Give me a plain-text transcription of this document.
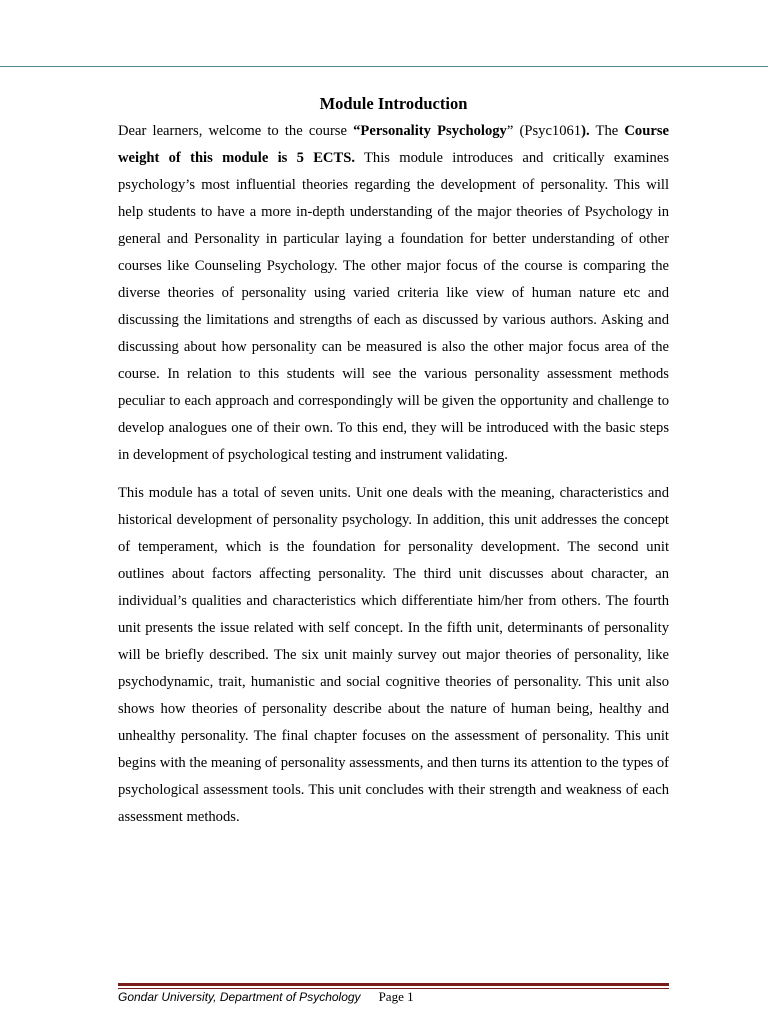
Module Introduction

Dear learners, welcome to the course “Personality Psychology” (Psyc1061). The Course weight of this module is 5 ECTS. This module introduces and critically examines psychology’s most influential theories regarding the development of personality. This will help students to have a more in-depth understanding of the major theories of Psychology in general and Personality in particular laying a foundation for better understanding of other courses like Counseling Psychology. The other major focus of the course is comparing the diverse theories of personality using varied criteria like view of human nature etc and discussing the limitations and strengths of each as discussed by various authors. Asking and discussing about how personality can be measured is also the other major focus area of the course. In relation to this students will see the various personality assessment methods peculiar to each approach and correspondingly will be given the opportunity and challenge to develop analogues one of their own. To this end, they will be introduced with the basic steps in development of psychological testing and instrument validating.

This module has a total of seven units. Unit one deals with the meaning, characteristics and historical development of personality psychology. In addition, this unit addresses the concept of temperament, which is the foundation for personality development. The second unit outlines about factors affecting personality. The third unit discusses about character, an individual’s qualities and characteristics which differentiate him/her from others. The fourth unit presents the issue related with self concept. In the fifth unit, determinants of personality will be briefly described. The six unit mainly survey out major theories of personality, like psychodynamic, trait, humanistic and social cognitive theories of personality. This unit also shows how theories of personality describe about the nature of human being, healthy and unhealthy personality. The final chapter focuses on the assessment of personality. This unit begins with the meaning of personality assessments, and then turns its attention to the types of psychological assessment tools. This unit concludes with their strength and weakness of each assessment methods.

Gondar University, Department of Psychology Page 1
